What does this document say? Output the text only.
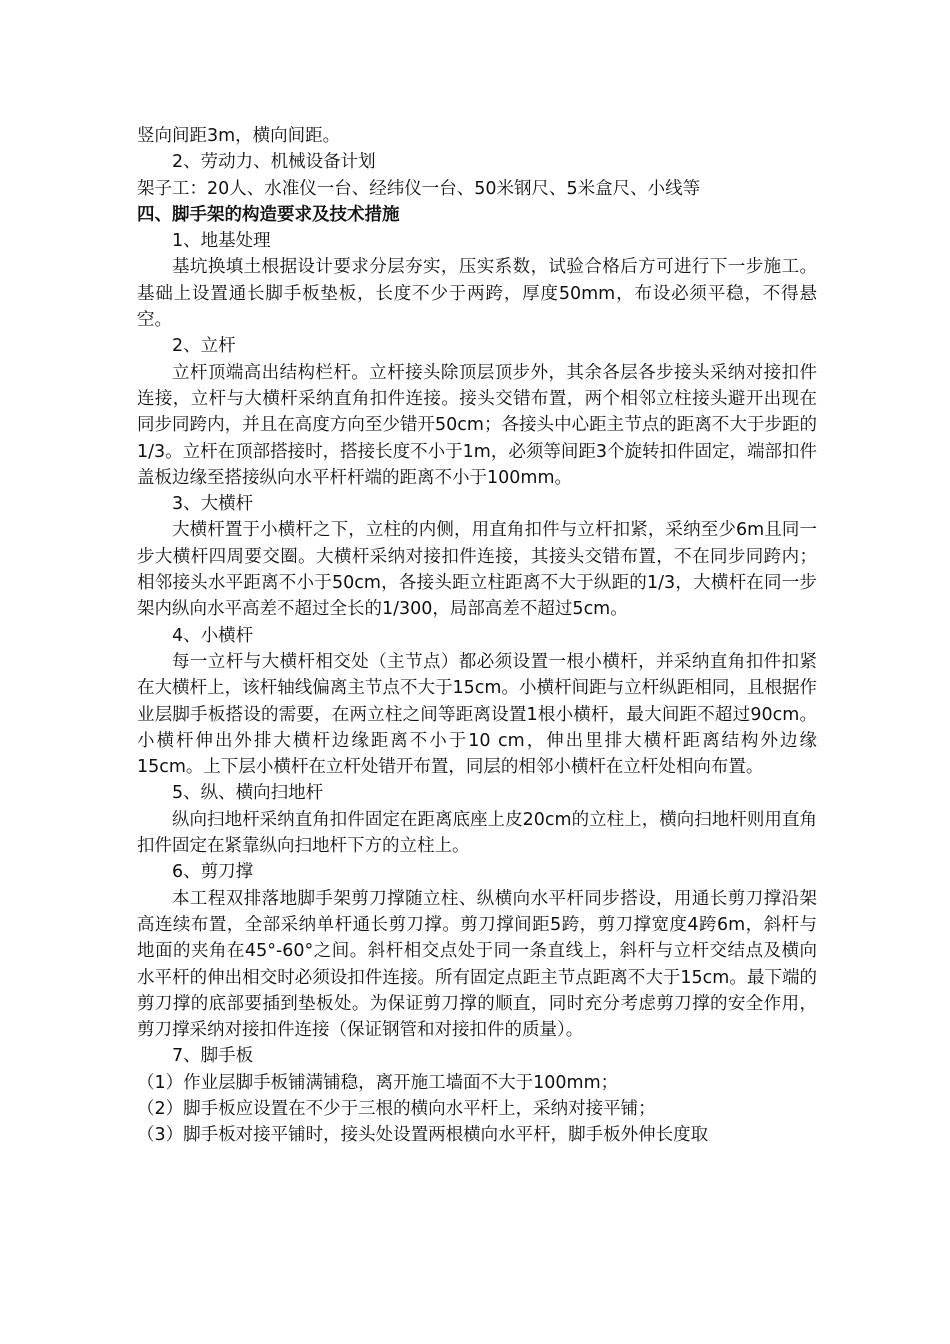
竖向间距3m，横向间距。

2、劳动力、机械设备计划

架子工：20人、水准仪一台、经纬仪一台、50米钢尺、5米盒尺、小线等

四、脚手架的构造要求及技术措施

1、地基处理

基坑换填土根据设计要求分层夯实，压实系数，试验合格后方可进行下一步施工。基础上设置通长脚手板垫板，长度不少于两跨，厚度50mm，布设必须平稳，不得悬空。

2、立杆

立杆顶端高出结构栏杆。立杆接头除顶层顶步外，其余各层各步接头采纳对接扣件连接，立杆与大横杆采纳直角扣件连接。接头交错布置，两个相邻立柱接头避开出现在同步同跨内，并且在高度方向至少错开50cm；各接头中心距主节点的距离不大于步距的1/3。立杆在顶部搭接时，搭接长度不小于1m，必须等间距3个旋转扣件固定，端部扣件盖板边缘至搭接纵向水平杆杆端的距离不小于100mm。

3、大横杆

大横杆置于小横杆之下，立柱的内侧，用直角扣件与立杆扣紧，采纳至少6m且同一步大横杆四周要交圈。大横杆采纳对接扣件连接，其接头交错布置，不在同步同跨内；相邻接头水平距离不小于50cm，各接头距立柱距离不大于纵距的1/3，大横杆在同一步架内纵向水平高差不超过全长的1/300，局部高差不超过5cm。

4、小横杆

每一立杆与大横杆相交处（主节点）都必须设置一根小横杆，并采纳直角扣件扣紧在大横杆上，该杆轴线偏离主节点不大于15cm。小横杆间距与立杆纵距相同，且根据作业层脚手板搭设的需要，在两立柱之间等距离设置1根小横杆，最大间距不超过90cm。小横杆伸出外排大横杆边缘距离不小于10 cm，伸出里排大横杆距离结构外边缘15cm。上下层小横杆在立杆处错开布置，同层的相邻小横杆在立杆处相向布置。

5、纵、横向扫地杆

纵向扫地杆采纳直角扣件固定在距离底座上皮20cm的立柱上，横向扫地杆则用直角扣件固定在紧靠纵向扫地杆下方的立柱上。

6、剪刀撑

本工程双排落地脚手架剪刀撑随立柱、纵横向水平杆同步搭设，用通长剪刀撑沿架高连续布置，全部采纳单杆通长剪刀撑。剪刀撑间距5跨，剪刀撑宽度4跨6m，斜杆与地面的夹角在45°-60°之间。斜杆相交点处于同一条直线上，斜杆与立杆交结点及横向水平杆的伸出相交时必须设扣件连接。所有固定点距主节点距离不大于15cm。最下端的剪刀撑的底部要插到垫板处。为保证剪刀撑的顺直，同时充分考虑剪刀撑的安全作用，剪刀撑采纳对接扣件连接（保证钢管和对接扣件的质量）。

7、脚手板

（1）作业层脚手板铺满铺稳，离开施工墙面不大于100mm；

（2）脚手板应设置在不少于三根的横向水平杆上，采纳对接平铺；

（3）脚手板对接平铺时，接头处设置两根横向水平杆，脚手板外伸长度取
